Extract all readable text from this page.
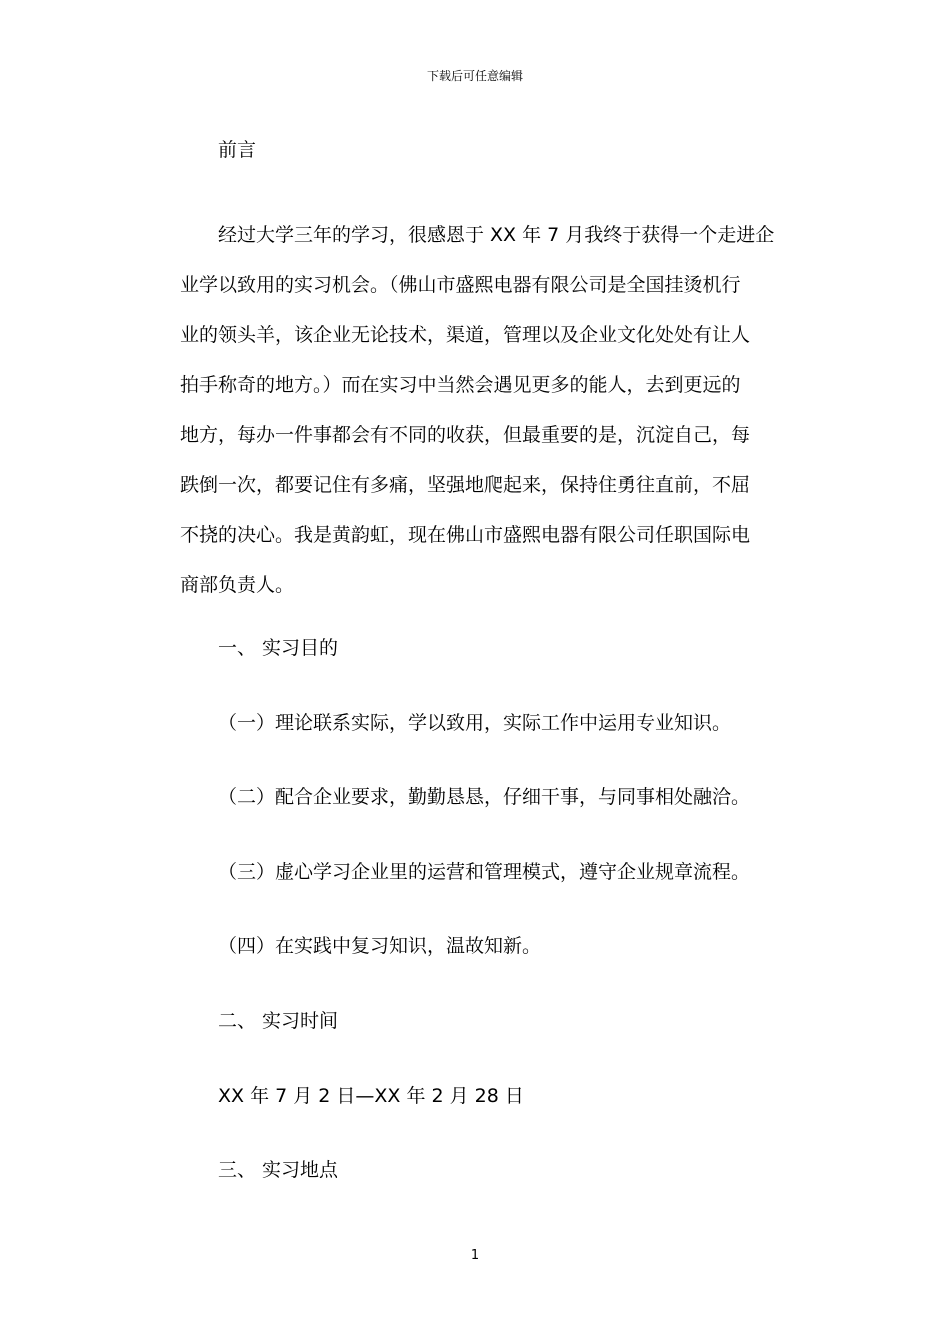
下载后可任意编辑
前言
经过大学三年的学习，很感恩于 XX 年 7 月我终于获得一个走进企
业学以致用的实习机会。（佛山市盛熙电器有限公司是全国挂烫机行
业的领头羊，该企业无论技术，渠道，管理以及企业文化处处有让人
拍手称奇的地方。）而在实习中当然会遇见更多的能人，去到更远的
地方，每办一件事都会有不同的收获，但最重要的是，沉淀自己，每
跌倒一次，都要记住有多痛，坚强地爬起来，保持住勇往直前，不屈
不挠的决心。我是黄韵虹，现在佛山市盛熙电器有限公司任职国际电
商部负责人。
一、 实习目的
（一）理论联系实际，学以致用，实际工作中运用专业知识。
（二）配合企业要求，勤勤恳恳，仔细干事，与同事相处融洽。
（三）虚心学习企业里的运营和管理模式，遵守企业规章流程。
（四）在实践中复习知识，温故知新。
二、 实习时间
XX 年 7 月 2 日—XX 年 2 月 28 日
三、 实习地点
1
